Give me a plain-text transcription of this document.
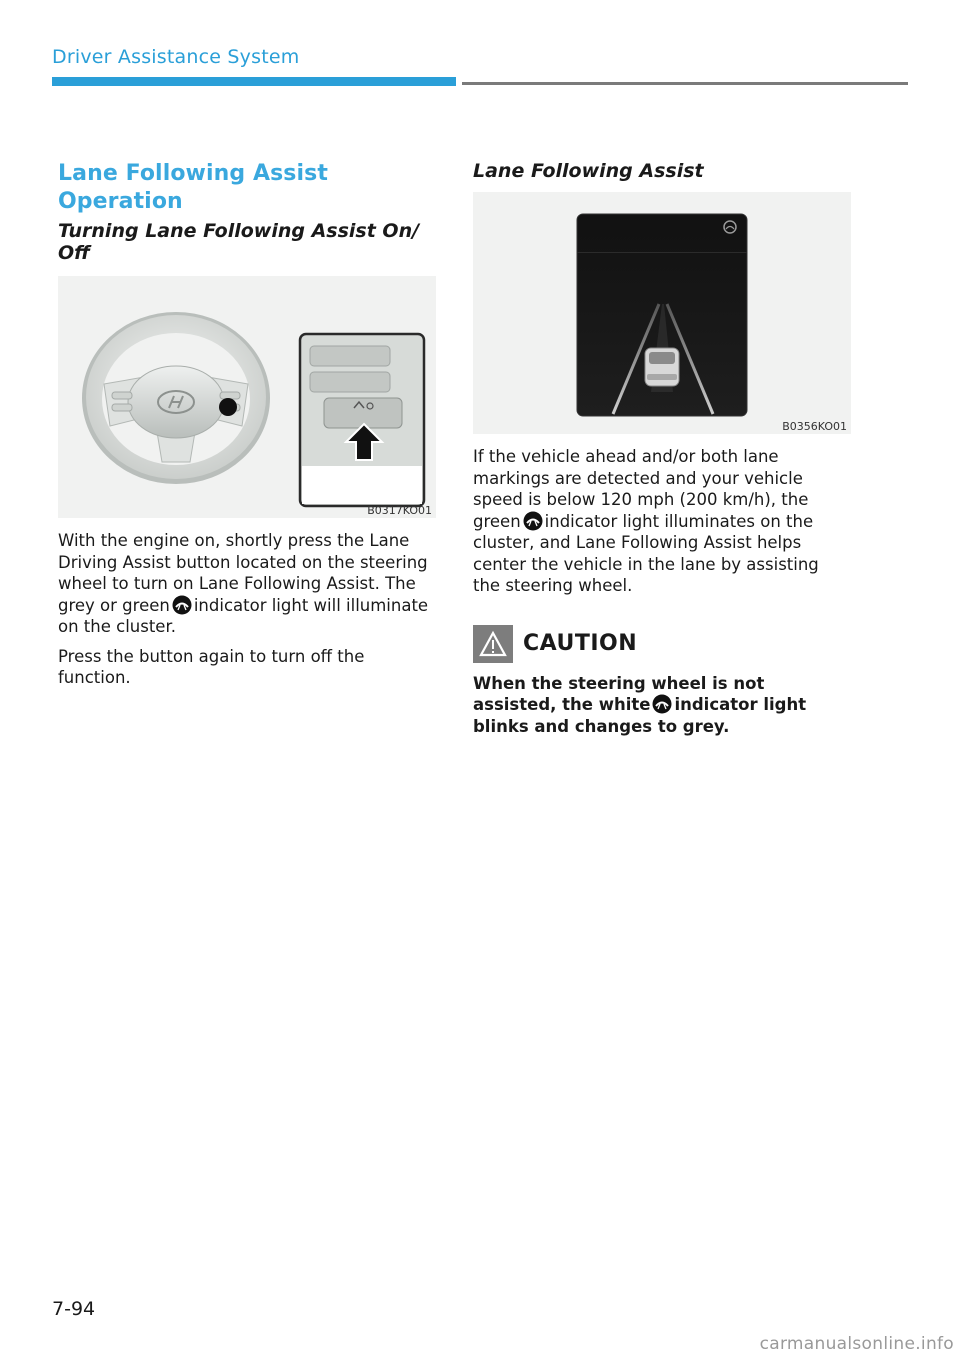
Driver Assistance System
Lane Following Assist Operation
Turning Lane Following Assist On/ Off
B0317KO01

With the engine on, shortly press the Lane Driving Assist button located on the steering wheel to turn on Lane Following Assist. The grey or green indicator light will illuminate on the cluster.

Press the button again to turn off the function.

Lane Following Assist
B0356KO01

If the vehicle ahead and/or both lane markings are detected and your vehicle speed is below 120 mph (200 km/h), the green indicator light illuminates on the cluster, and Lane Following Assist helps center the vehicle in the lane by assisting the steering wheel.

CAUTION
When the steering wheel is not assisted, the white indicator light blinks and changes to grey.
7-94
carmanualsonline.info
